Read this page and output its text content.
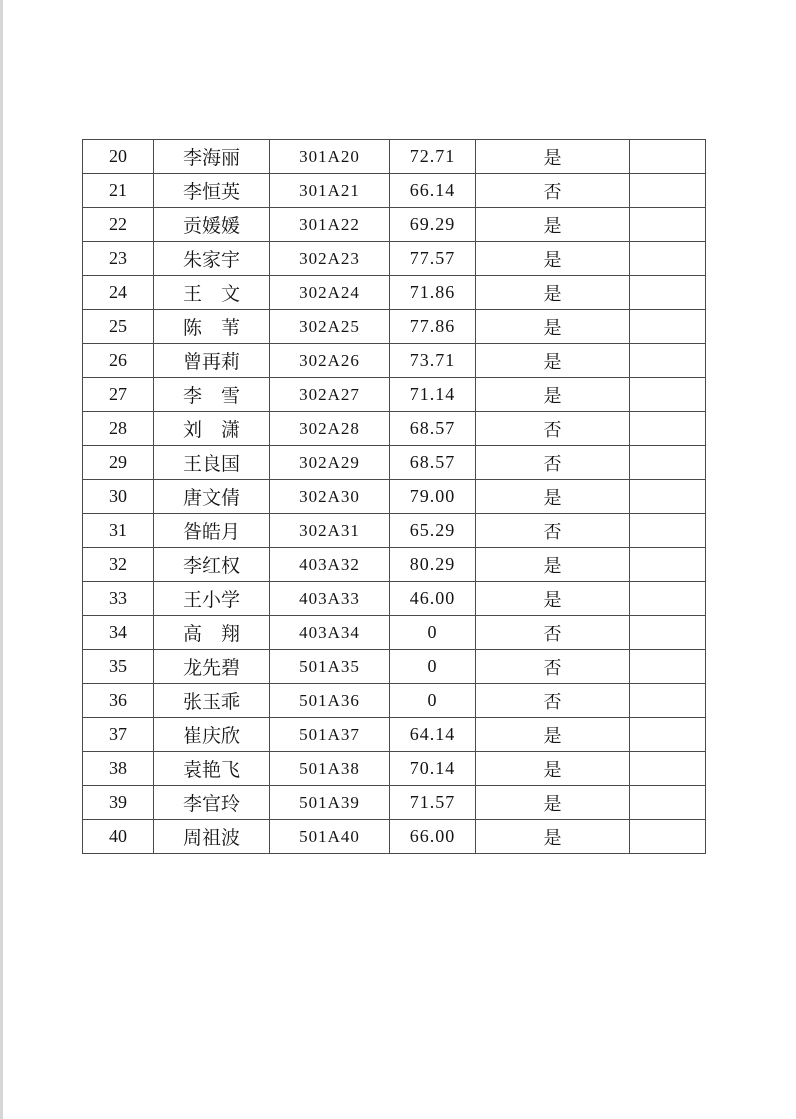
20	李海丽	301A20	72.71	是	
21	李恒英	301A21	66.14	否	
22	贡媛媛	301A22	69.29	是	
23	朱家宇	302A23	77.57	是	
24	王　文	302A24	71.86	是	
25	陈　苇	302A25	77.86	是	
26	曾再莉	302A26	73.71	是	
27	李　雪	302A27	71.14	是	
28	刘　潇	302A28	68.57	否	
29	王良国	302A29	68.57	否	
30	唐文倩	302A30	79.00	是	
31	昝皓月	302A31	65.29	否	
32	李红权	403A32	80.29	是	
33	王小学	403A33	46.00	是	
34	高　翔	403A34	0	否	
35	龙先碧	501A35	0	否	
36	张玉乖	501A36	0	否	
37	崔庆欣	501A37	64.14	是	
38	袁艳飞	501A38	70.14	是	
39	李官玲	501A39	71.57	是	
40	周祖波	501A40	66.00	是	
